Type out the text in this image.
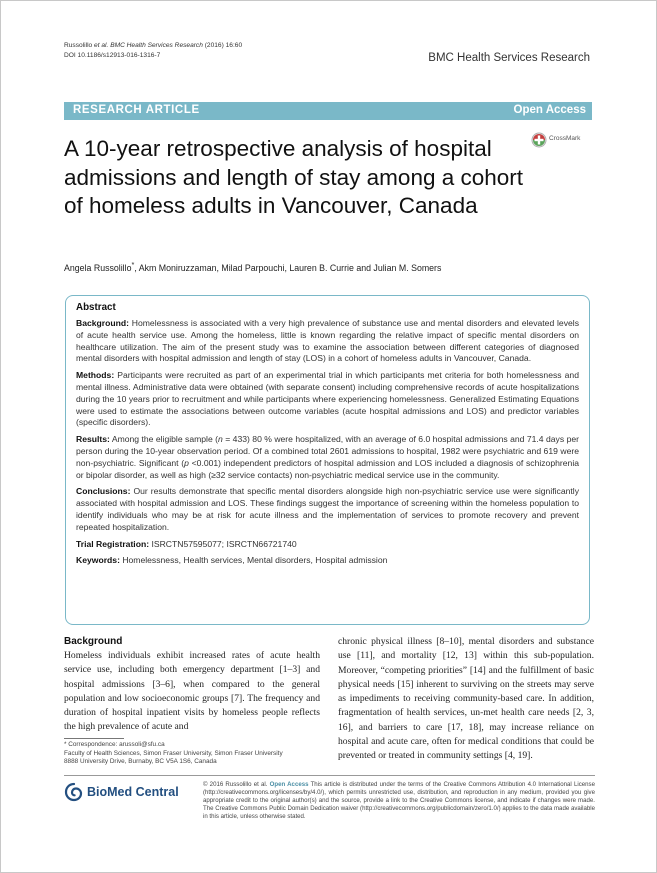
Russolillo et al. BMC Health Services Research (2016) 16:60
DOI 10.1186/s12913-016-1316-7	BMC Health Services Research
RESEARCH ARTICLE	Open Access
A 10-year retrospective analysis of hospital admissions and length of stay among a cohort of homeless adults in Vancouver, Canada
CrossMark
Angela Russolillo*, Akm Moniruzzaman, Milad Parpouchi, Lauren B. Currie and Julian M. Somers
Abstract

Background: Homelessness is associated with a very high prevalence of substance use and mental disorders and elevated levels of acute health service use. Among the homeless, little is known regarding the relative impact of specific mental disorders on healthcare utilization. The aim of the present study was to examine the association between different categories of diagnosed mental disorders with hospital admission and length of stay (LOS) in a cohort of homeless adults in Vancouver, Canada.

Methods: Participants were recruited as part of an experimental trial in which participants met criteria for both homelessness and mental illness. Administrative data were obtained (with separate consent) including comprehensive records of acute hospitalizations during the 10 years prior to recruitment and while participants where experiencing homelessness. Generalized Estimating Equations were used to estimate the associations between outcome variables (acute hospital admissions and LOS) and predictor variables (specific disorders).

Results: Among the eligible sample (n = 433) 80 % were hospitalized, with an average of 6.0 hospital admissions and 71.4 days per person during the 10-year observation period. Of a combined total 2601 admissions to hospital, 1982 were psychiatric and 619 were non-psychiatric. Significant (p <0.001) independent predictors of hospital admission and LOS included a diagnosis of schizophrenia or bipolar disorder, as well as high (≥32 service contacts) non-psychiatric medical service use in the community.

Conclusions: Our results demonstrate that specific mental disorders alongside high non-psychiatric service use were significantly associated with hospital admission and LOS. These findings suggest the importance of screening within the homeless population to identify individuals who may be at risk for acute illness and the implementation of services to promote recovery and prevent repeated hospitalization.

Trial Registration: ISRCTN57595077; ISRCTN66721740

Keywords: Homelessness, Health services, Mental disorders, Hospital admission

Background
Homeless individuals exhibit increased rates of acute health service use, including both emergency department [1–3] and hospital admissions [3–6], when compared to the general population and low socioeconomic groups [7]. The frequency and duration of hospital inpatient visits by homeless people reflects the high prevalence of acute and
chronic physical illness [8–10], mental disorders and substance use [11], and mortality [12, 13] within this sub-population. Moreover, “competing priorities” [14] and the fulfillment of basic physical needs [15] inherent to surviving on the streets may serve as impediments to receiving community-based care. In addition, fragmentation of health services, un-met health care needs [2, 3, 16], and barriers to care [17, 18], may increase reliance on hospital and acute care, often for medical conditions that could be prevented or treated in community settings [4, 19].
* Correspondence: arussoli@sfu.ca
Faculty of Health Sciences, Simon Fraser University, Simon Fraser University
8888 University Drive, Burnaby, BC V5A 1S6, Canada
BioMed Central
© 2016 Russolillo et al. Open Access This article is distributed under the terms of the Creative Commons Attribution 4.0 International License (http://creativecommons.org/licenses/by/4.0/), which permits unrestricted use, distribution, and reproduction in any medium, provided you give appropriate credit to the original author(s) and the source, provide a link to the Creative Commons license, and indicate if changes were made. The Creative Commons Public Domain Dedication waiver (http://creativecommons.org/publicdomain/zero/1.0/) applies to the data made available in this article, unless otherwise stated.
